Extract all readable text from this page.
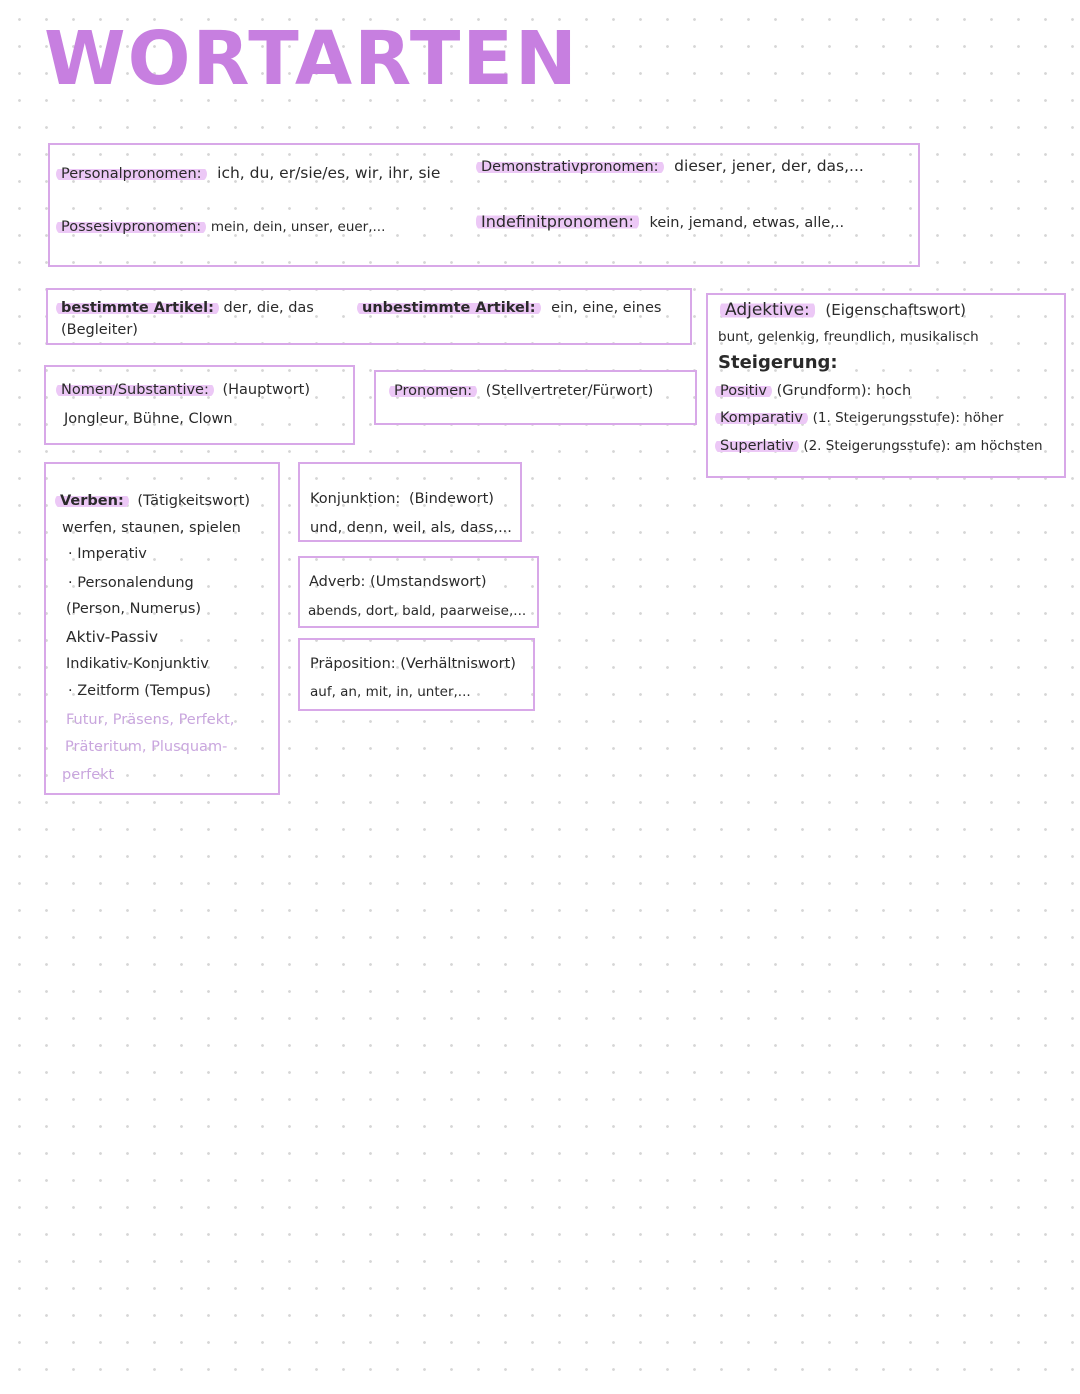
WORTARTEN
Personalpronomen: ich, du, er/sie/es, wir, ihr, sie	Demonstrativpronomen: dieser, jener, der, das,...
Possesivpronomen: mein, dein, unser, euer,...	Indefinitpronomen: kein, jemand, etwas, alle,..
bestimmte Artikel: der, die, das
(Begleiter)
unbestimmte Artikel: ein, eine, eines	Adjektive: (Eigenschaftswort)
bunt, gelenkig, freundlich, musikalisch
Steigerung:
Positiv (Grundform): hoch
Komparativ (1. Steigerungsstufe): höher
Superlativ (2. Steigerungsstufe): am höchsten
Nomen/Substantive: (Hauptwort)
Jongleur, Bühne, Clown
Pronomen: (Stellvertreter/Fürwort)
Verben: (Tätigkeitswort)
werfen, staunen, spielen
· Imperativ
· Personalendung
(Person, Numerus)
Aktiv-Passiv
Indikativ-Konjunktiv
· Zeitform (Tempus)
Futur, Präsens, Perfekt,
Präteritum, Plusquam-
perfekt
Konjunktion: (Bindewort)
und, denn, weil, als, dass,...
Adverb: (Umstandswort)
abends, dort, bald, paarweise,...
Präposition: (Verhältniswort)
auf, an, mit, in, unter,...
